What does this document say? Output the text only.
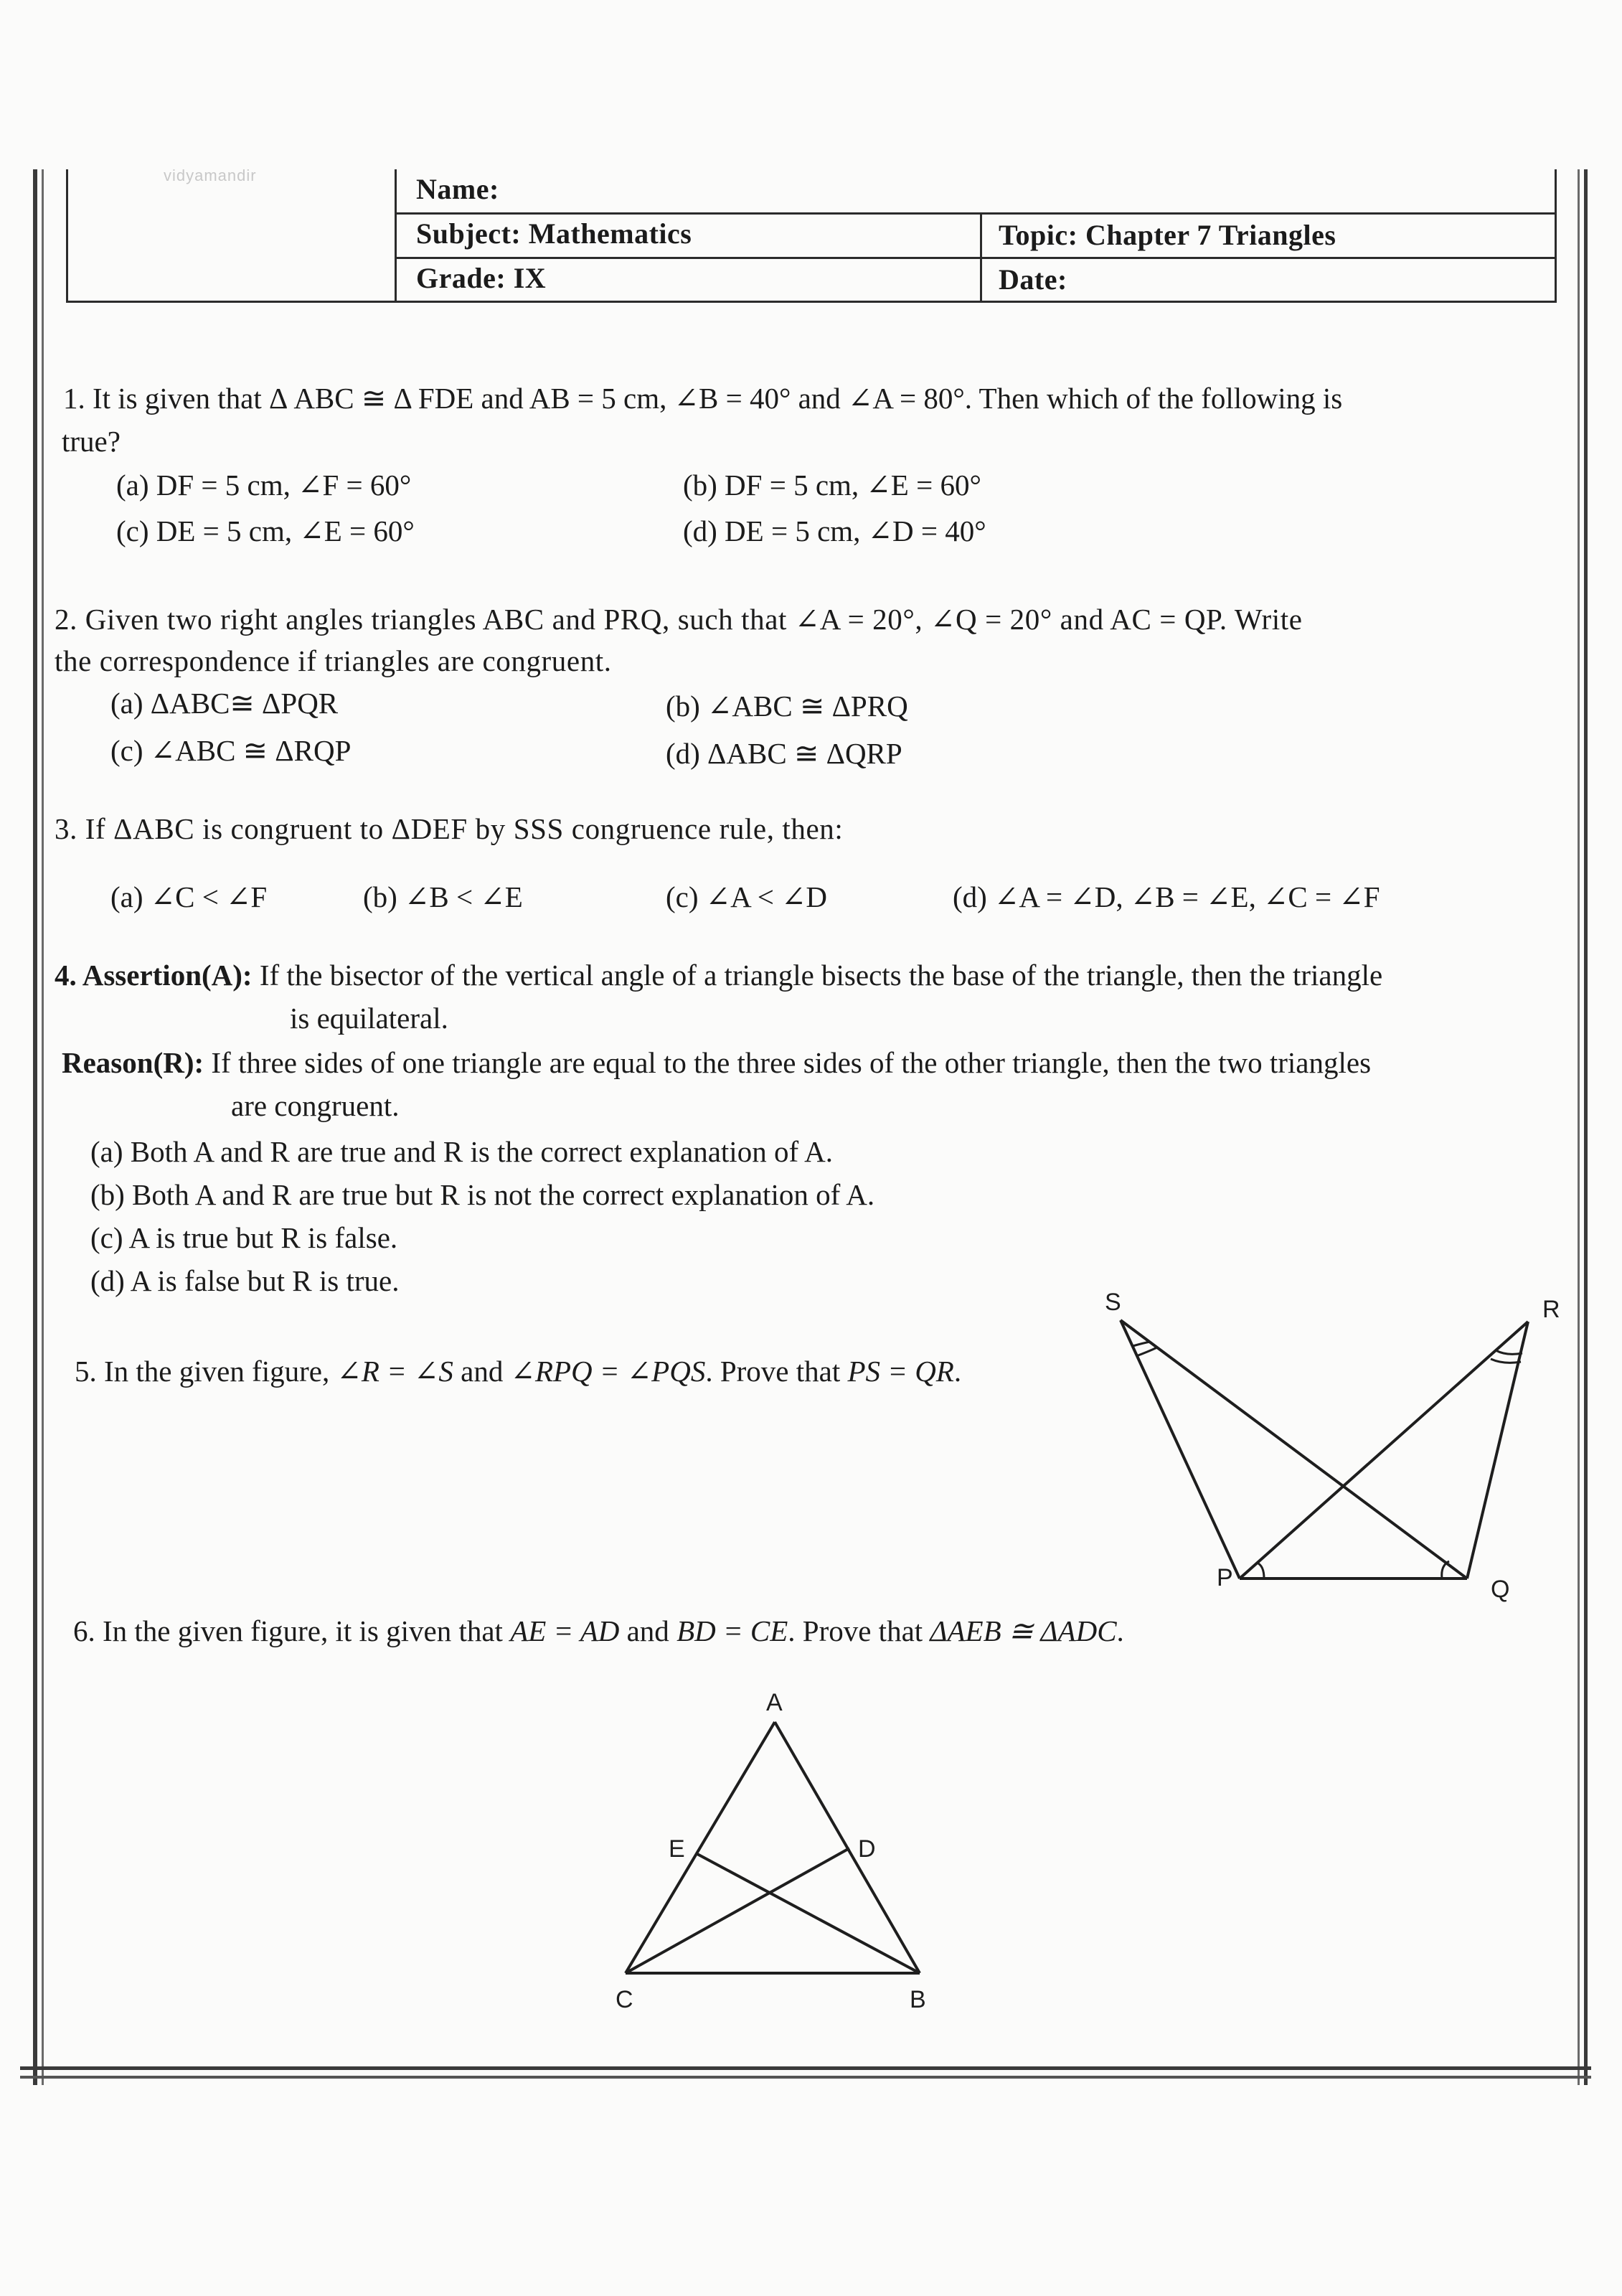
vidyamandir	Name:
Subject: Mathematics	Topic: Chapter 7 Triangles
Grade: IX	Date:
1. It is given that Δ ABC ≅ Δ FDE and AB = 5 cm, ∠B = 40° and ∠A = 80°. Then which of the following is
true?
(a) DF = 5 cm, ∠F = 60°	(b) DF = 5 cm, ∠E = 60°
(c) DE = 5 cm, ∠E = 60°	(d) DE = 5 cm, ∠D = 40°
2. Given two right angles triangles ABC and PRQ, such that ∠A = 20°, ∠Q = 20° and AC = QP. Write
the correspondence if triangles are congruent.
(a) ΔABC≅ ΔPQR	(b) ∠ABC ≅ ΔPRQ
(c) ∠ABC ≅ ΔRQP	(d) ΔABC ≅ ΔQRP
3. If ΔABC is congruent to ΔDEF by SSS congruence rule, then:
(a) ∠C < ∠F	(b) ∠B < ∠E	(c) ∠A < ∠D	(d) ∠A = ∠D, ∠B = ∠E, ∠C = ∠F
4. Assertion(A): If the bisector of the vertical angle of a triangle bisects the base of the triangle, then the triangle
is equilateral.
Reason(R): If three sides of one triangle are equal to the three sides of the other triangle, then the two triangles
are congruent.
(a) Both A and R are true and R is the correct explanation of A.
(b) Both A and R are true but R is not the correct explanation of A.
(c) A is true but R is false.
(d) A is false but R is true.
5. In the given figure, ∠R = ∠S and ∠RPQ = ∠PQS. Prove that PS = QR.
S	R
P	Q
6. In the given figure, it is given that AE = AD and BD = CE. Prove that ΔAEB ≅ ΔADC.
A
E	D
C	B
